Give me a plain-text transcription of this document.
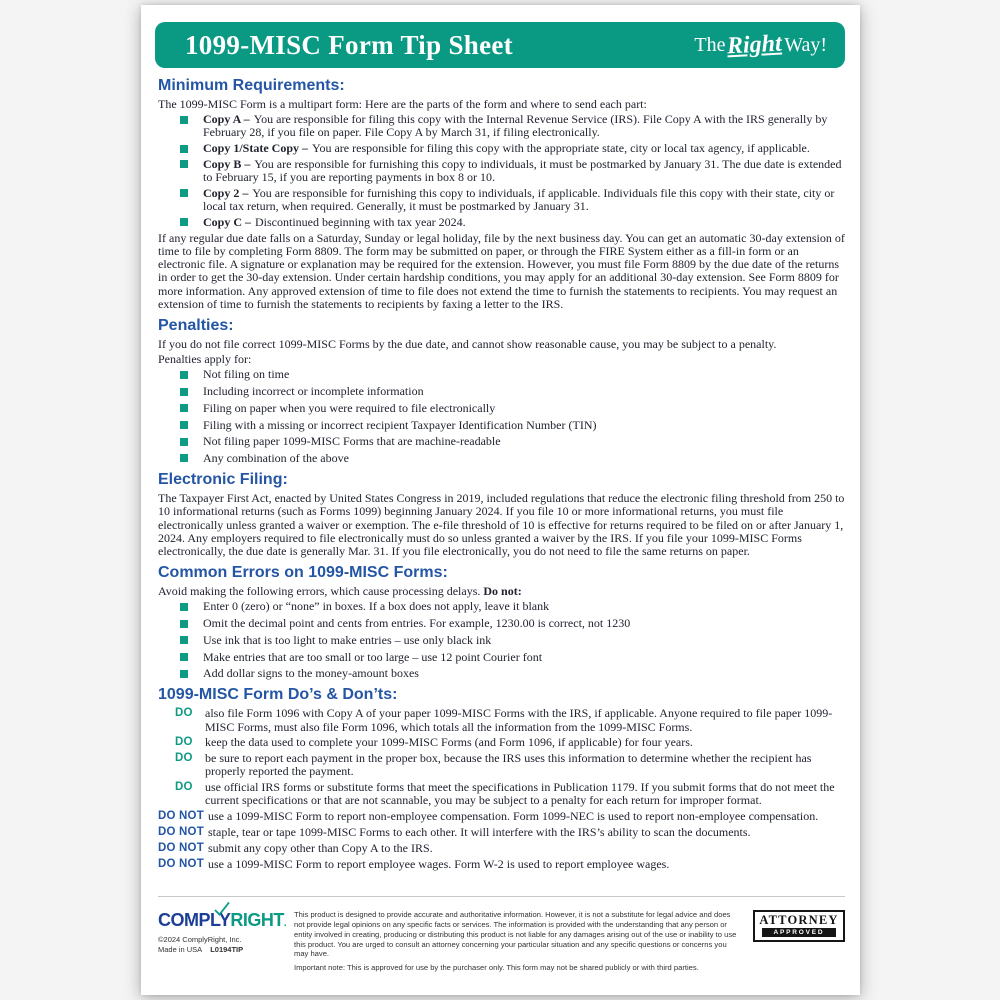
1099-MISC Form Tip Sheet	The Right Way!
Minimum Requirements:

The 1099-MISC Form is a multipart form: Here are the parts of the form and where to send each part:

Copy A – You are responsible for filing this copy with the Internal Revenue Service (IRS). File Copy A with the IRS generally by February 28, if you file on paper. File Copy A by March 31, if filing electronically.
Copy 1/State Copy – You are responsible for filing this copy with the appropriate state, city or local tax agency, if applicable.
Copy B – You are responsible for furnishing this copy to individuals, it must be postmarked by January 31. The due date is extended to February 15, if you are reporting payments in box 8 or 10.
Copy 2 – You are responsible for furnishing this copy to individuals, if applicable. Individuals file this copy with their state, city or local tax return, when required. Generally, it must be postmarked by January 31.
Copy C – Discontinued beginning with tax year 2024.

If any regular due date falls on a Saturday, Sunday or legal holiday, file by the next business day. You can get an automatic 30-day extension of time to file by completing Form 8809. The form may be submitted on paper, or through the FIRE System either as a fill-in form or an electronic file. A signature or explanation may be required for the extension. However, you must file Form 8809 by the due date of the returns in order to get the 30-day extension. Under certain hardship conditions, you may apply for an additional 30-day extension. See Form 8809 for more information. Any approved extension of time to file does not extend the time to furnish the statements to recipients. You may request an extension of time to furnish the statements to recipients by faxing a letter to the IRS.

Penalties:

If you do not file correct 1099-MISC Forms by the due date, and cannot show reasonable cause, you may be subject to a penalty.

Penalties apply for:

Not filing on time
Including incorrect or incomplete information
Filing on paper when you were required to file electronically
Filing with a missing or incorrect recipient Taxpayer Identification Number (TIN)
Not filing paper 1099-MISC Forms that are machine-readable
Any combination of the above
Electronic Filing:

The Taxpayer First Act, enacted by United States Congress in 2019, included regulations that reduce the electronic filing threshold from 250 to 10 informational returns (such as Forms 1099) beginning January 2024. If you file 10 or more informational returns, you must file electronically unless granted a waiver or exemption. The e-file threshold of 10 is effective for returns required to be filed on or after January 1, 2024. Any employers required to file electronically must do so unless granted a waiver by the IRS. If you file your 1099-MISC Forms electronically, the due date is generally Mar. 31. If you file electronically, you do not need to file the same returns on paper.

Common Errors on 1099-MISC Forms:

Avoid making the following errors, which cause processing delays. Do not:

Enter 0 (zero) or “none” in boxes. If a box does not apply, leave it blank
Omit the decimal point and cents from entries. For example, 1230.00 is correct, not 1230
Use ink that is too light to make entries – use only black ink
Make entries that are too small or too large – use 12 point Courier font
Add dollar signs to the money-amount boxes
1099-MISC Form Do’s & Don’ts:
DO also file Form 1096 with Copy A of your paper 1099-MISC Forms with the IRS, if applicable. Anyone required to file paper 1099-MISC Forms, must also file Form 1096, which totals all the information from the 1099-MISC Forms.
DO keep the data used to complete your 1099-MISC Forms (and Form 1096, if applicable) for four years.
DO be sure to report each payment in the proper box, because the IRS uses this information to determine whether the recipient has properly reported the payment.
DO use official IRS forms or substitute forms that meet the specifications in Publication 1179. If you submit forms that do not meet the current specifications or that are not scannable, you may be subject to a penalty for each return for improper format.
DO NOT use a 1099-MISC Form to report non-employee compensation. Form 1099-NEC is used to report non-employee compensation.
DO NOT staple, tear or tape 1099-MISC Forms to each other. It will interfere with the IRS’s ability to scan the documents.
DO NOT submit any copy other than Copy A to the IRS.
DO NOT use a 1099-MISC Form to report employee wages. Form W-2 is used to report employee wages.
COMPLYRIGHT.
©2024 ComplyRight, Inc.
Made in USA L0194TIP

This product is designed to provide accurate and authoritative information. However, it is not a substitute for legal advice and does not provide legal opinions on any specific facts or services. The information is provided with the understanding that any person or entity involved in creating, producing or distributing this product is not liable for any damages arising out of the use or inability to use this product. You are urged to consult an attorney concerning your particular situation and any specific questions or concerns you may have.

Important note: This is approved for use by the purchaser only. This form may not be shared publicly or with third parties.

ATTORNEY
APPROVED
